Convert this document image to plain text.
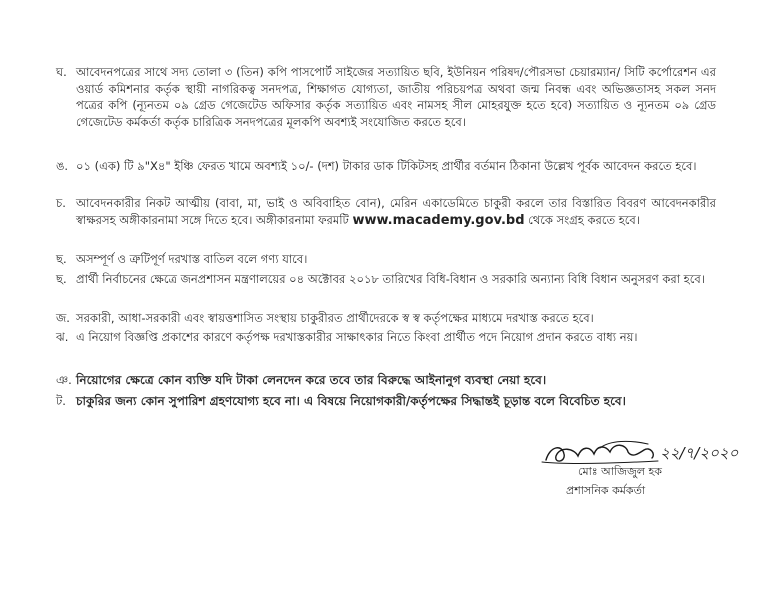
ঘ. আবেদনপত্রের সাথে সদ্য তোলা ৩ (তিন) কপি পাসপোর্ট সাইজের সত্যায়িত ছবি, ইউনিয়ন পরিষদ/পৌরসভা চেয়ারম্যান/ সিটি কর্পোরেশন এর ওয়ার্ড কমিশনার কর্তৃক স্থায়ী নাগরিকত্ব সনদপত্র, শিক্ষাগত যোগ্যতা, জাতীয় পরিচয়পত্র অথবা জন্ম নিবন্ধ এবং অভিজ্ঞতাসহ সকল সনদ পত্রের কপি (ন্যূনতম ০৯ গ্রেড গেজেটেড অফিসার কর্তৃক সত্যায়িত এবং নামসহ সীল মোহরযুক্ত হতে হবে) সত্যায়িত ও ন্যূনতম ০৯ গ্রেড গেজেটেড কর্মকর্তা কর্তৃক চারিত্রিক সনদপত্রের মূলকপি অবশ্যই সংযোজিত করতে হবে।
ঙ. ০১ (এক) টি ৯"X৪" ইঞ্চি ফেরত খামে অবশ্যই ১০/- (দশ) টাকার ডাক টিকিটসহ প্রার্থীর বর্তমান ঠিকানা উল্লেখ পূর্বক আবেদন করতে হবে।
চ. আবেদনকারীর নিকট আত্মীয় (বাবা, মা, ভাই ও অবিবাহিত বোন), মেরিন একাডেমিতে চাকুরী করলে তার বিস্তারিত বিবরণ আবেদনকারীর স্বাক্ষরসহ অঙ্গীকারনামা সঙ্গে দিতে হবে। অঙ্গীকারনামা ফরমটি www.macademy.gov.bd থেকে সংগ্রহ করতে হবে।
ছ. অসম্পূর্ণ ও ত্রুটিপূর্ণ দরখাস্ত বাতিল বলে গণ্য যাবে।
ছ. প্রার্থী নির্বাচনের ক্ষেত্রে জনপ্রশাসন মন্ত্রণালয়ের ০৪ অক্টোবর ২০১৮ তারিখের বিধি-বিধান ও সরকারি অন্যান্য বিধি বিধান অনুসরণ করা হবে।
জ. সরকারী, আধা-সরকারী এবং স্বায়ত্তশাসিত সংস্থায় চাকুরীরত প্রার্থীদেরকে স্ব স্ব কর্তৃপক্ষের মাধ্যমে দরখাস্ত করতে হবে।
ঝ. এ নিয়োগ বিজ্ঞপ্তি প্রকাশের কারণে কর্তৃপক্ষ দরখাস্তকারীর সাক্ষাৎকার নিতে কিংবা প্রার্থীত পদে নিয়োগ প্রদান করতে বাধ্য নয়।
ঞ. নিয়োগের ক্ষেত্রে কোন ব্যক্তি যদি টাকা লেনদেন করে তবে তার বিরুদ্ধে আইনানুগ ব্যবস্থা নেয়া হবে।
ট. চাকুরির জন্য কোন সুপারিশ গ্রহণযোগ্য হবে না। এ বিষয়ে নিয়োগকারী/কর্তৃপক্ষের সিদ্ধান্তই চূড়ান্ত বলে বিবেচিত হবে।
২২/৭/২০২০
মোঃ আজিজুল হক
প্রশাসনিক কর্মকর্তা
